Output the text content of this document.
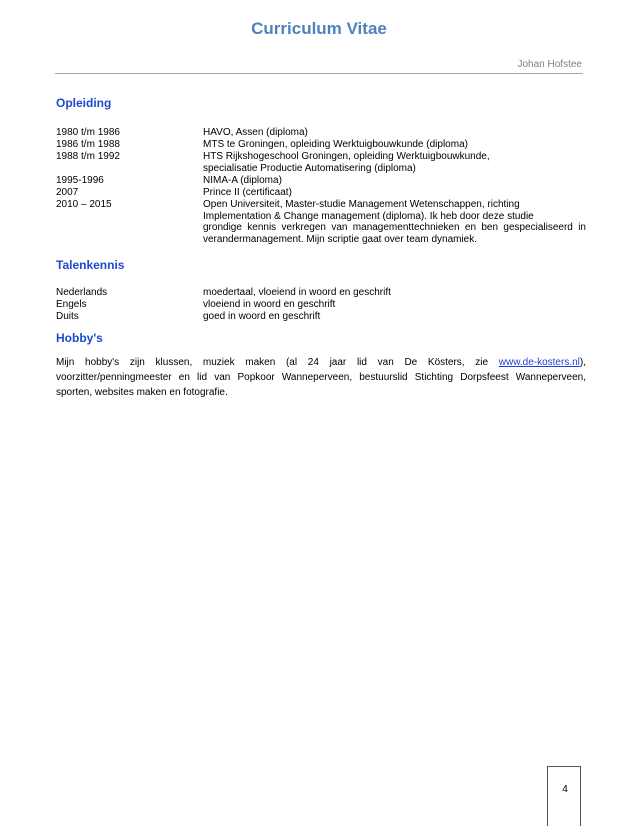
Curriculum Vitae
Johan Hofstee
Opleiding
1980 t/m 1986	HAVO, Assen (diploma)
1986 t/m 1988	MTS te Groningen, opleiding Werktuigbouwkunde (diploma)
1988 t/m 1992	HTS Rijkshogeschool Groningen, opleiding Werktuigbouwkunde,
specialisatie Productie Automatisering (diploma)
1995-1996	NIMA-A (diploma)
2007	Prince II (certificaat)
2010 – 2015	Open Universiteit, Master-studie Management Wetenschappen, richting
Implementation & Change management (diploma). Ik heb door deze studie
grondige kennis verkregen van managementtechnieken en ben gespecialiseerd in
verandermanagement. Mijn scriptie gaat over team dynamiek.
Talenkennis
Nederlands	moedertaal, vloeiend in woord en geschrift
Engels	vloeiend in woord en geschrift
Duits	goed in woord en geschrift
Hobby's
Mijn hobby's zijn klussen, muziek maken (al 24 jaar lid van De Kösters, zie www.de-kosters.nl),
voorzitter/penningmeester en lid van Popkoor Wanneperveen, bestuurslid Stichting Dorpsfeest Wanneperveen,
sporten, websites maken en fotografie.
4
